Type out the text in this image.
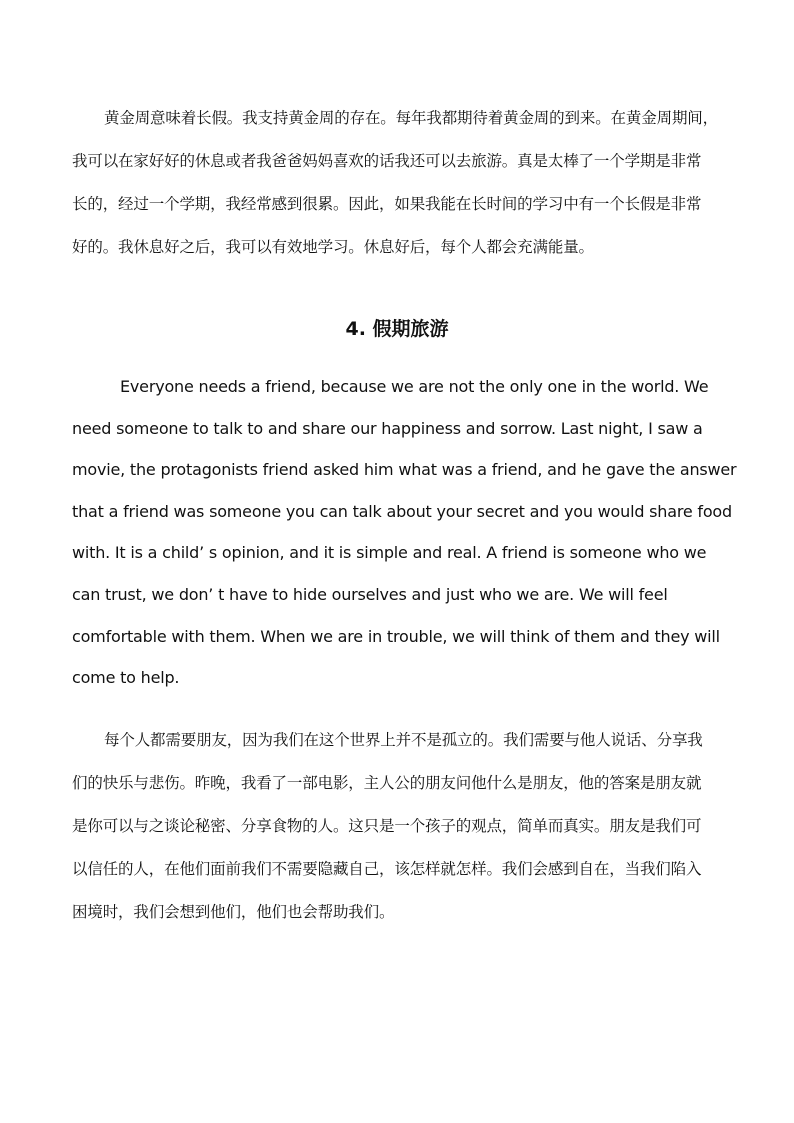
黄金周意味着长假。我支持黄金周的存在。每年我都期待着黄金周的到来。在黄金周期间，
我可以在家好好的休息或者我爸爸妈妈喜欢的话我还可以去旅游。真是太棒了一个学期是非常
长的，经过一个学期，我经常感到很累。因此，如果我能在长时间的学习中有一个长假是非常
好的。我休息好之后，我可以有效地学习。休息好后，每个人都会充满能量。
4. 假期旅游
Everyone needs a friend, because we are not the only one in the world. We
need someone to talk to and share our happiness and sorrow. Last night, I saw a
movie, the protagonists friend asked him what was a friend, and he gave the answer
that a friend was someone you can talk about your secret and you would share food
with. It is a child’ s opinion, and it is simple and real. A friend is someone who we
can trust, we don’ t have to hide ourselves and just who we are. We will feel
comfortable with them. When we are in trouble, we will think of them and they will
come to help.
每个人都需要朋友，因为我们在这个世界上并不是孤立的。我们需要与他人说话、分享我
们的快乐与悲伤。昨晚，我看了一部电影，主人公的朋友问他什么是朋友，他的答案是朋友就
是你可以与之谈论秘密、分享食物的人。这只是一个孩子的观点，简单而真实。朋友是我们可
以信任的人，在他们面前我们不需要隐藏自己，该怎样就怎样。我们会感到自在，当我们陷入
困境时，我们会想到他们，他们也会帮助我们。
